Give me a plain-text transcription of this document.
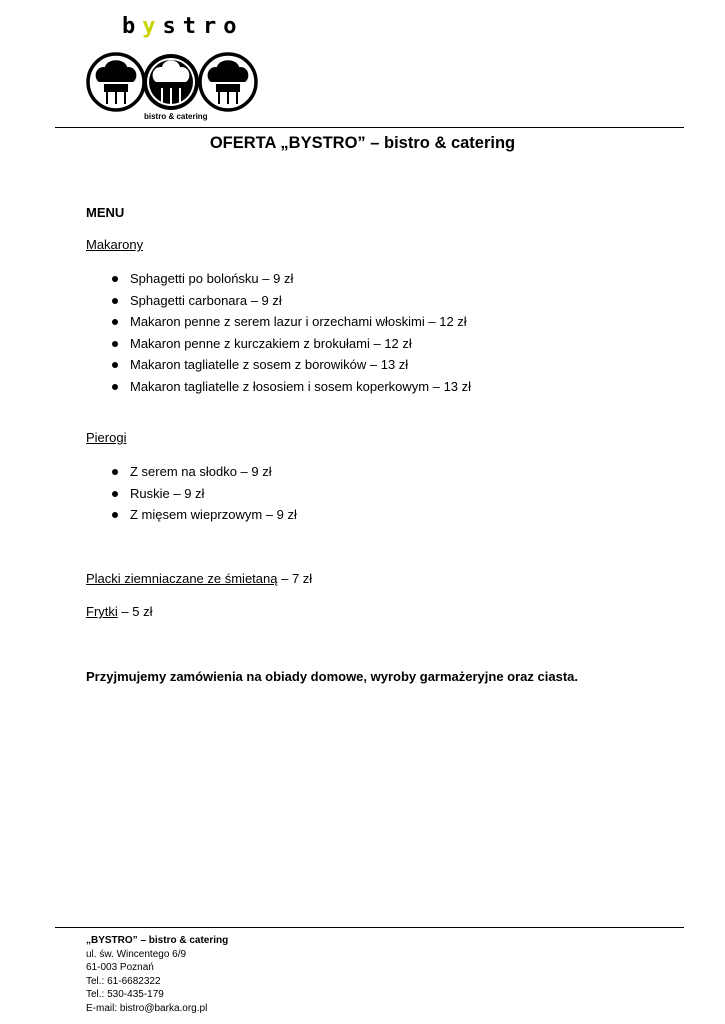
bystro
bistro & catering
OFERTA „BYSTRO” – bistro & catering
MENU
Makarony
Sphagetti po bolońsku – 9 zł
Sphagetti carbonara – 9 zł
Makaron penne z serem lazur i orzechami włoskimi – 12 zł
Makaron penne z kurczakiem z brokułami – 12 zł
Makaron tagliatelle z sosem z borowików – 13 zł
Makaron tagliatelle z łososiem i sosem koperkowym – 13 zł
Pierogi
Z serem na słodko – 9 zł
Ruskie – 9 zł
Z mięsem wieprzowym – 9 zł
Placki ziemniaczane ze śmietaną – 7 zł
Frytki – 5 zł
Przyjmujemy zamówienia na obiady domowe, wyroby garmażeryjne oraz ciasta.
„BYSTRO” – bistro & catering
ul. św. Wincentego 6/9
61-003 Poznań
Tel.: 61-6682322
Tel.: 530-435-179
E-mail: bistro@barka.org.pl
